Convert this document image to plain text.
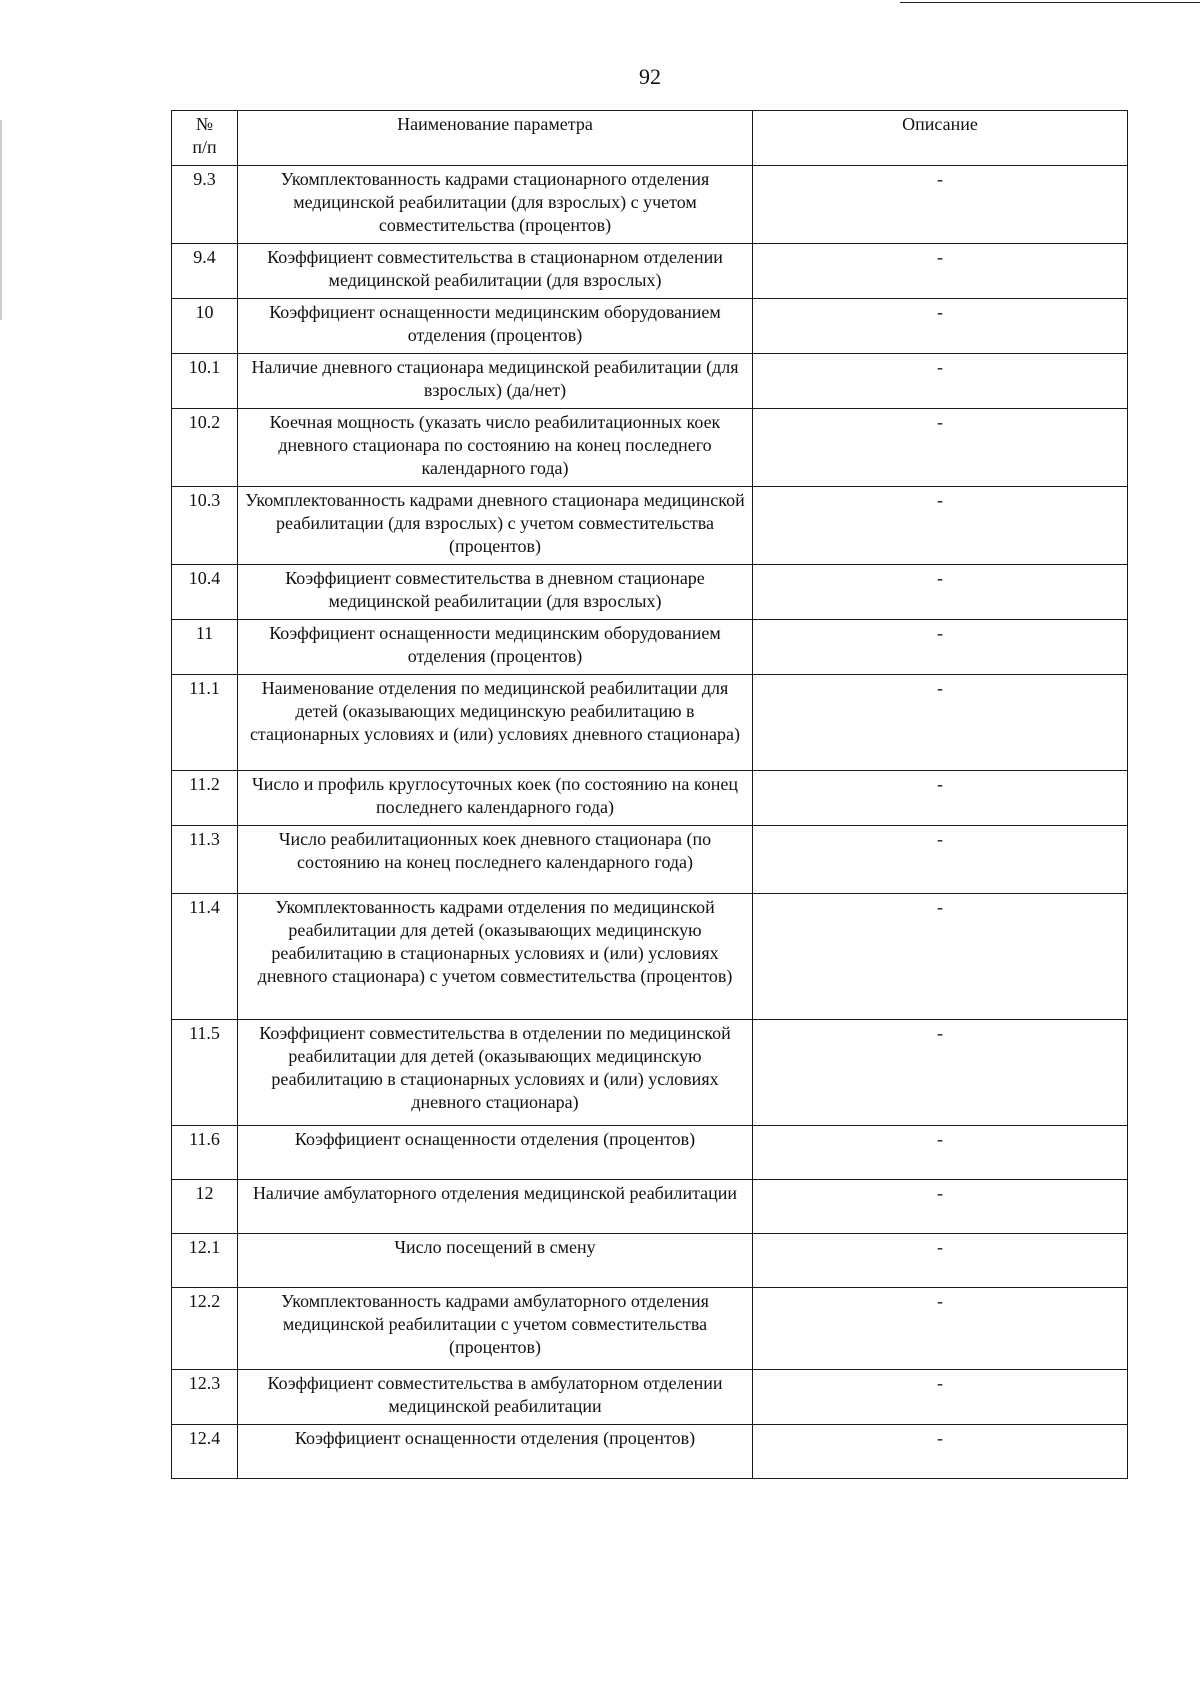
92
№
п/п	Наименование параметра	Описание
9.3	Укомплектованность кадрами стационарного отделения медицинской реабилитации (для взрослых) с учетом совместительства (процентов)	-
9.4	Коэффициент совместительства в стационарном отделении медицинской реабилитации (для взрослых)	-
10	Коэффициент оснащенности медицинским оборудованием отделения (процентов)	-
10.1	Наличие дневного стационара медицинской реабилитации (для взрослых) (да/нет)	-
10.2	Коечная мощность (указать число реабилитационных коек дневного стационара по состоянию на конец последнего календарного года)	-
10.3	Укомплектованность кадрами дневного стационара медицинской реабилитации (для взрослых) с учетом совместительства (процентов)	-
10.4	Коэффициент совместительства в дневном стационаре медицинской реабилитации (для взрослых)	-
11	Коэффициент оснащенности медицинским оборудованием отделения (процентов)	-
11.1	Наименование отделения по медицинской реабилитации для детей (оказывающих медицинскую реабилитацию в стационарных условиях и (или) условиях дневного стационара)	-
11.2	Число и профиль круглосуточных коек (по состоянию на конец последнего календарного года)	-
11.3	Число реабилитационных коек дневного стационара (по состоянию на конец последнего календарного года)	-
11.4	Укомплектованность кадрами отделения по медицинской реабилитации для детей (оказывающих медицинскую реабилитацию в стационарных условиях и (или) условиях дневного стационара) с учетом совместительства (процентов)	-
11.5	Коэффициент совместительства в отделении по медицинской реабилитации для детей (оказывающих медицинскую реабилитацию в стационарных условиях и (или) условиях дневного стационара)	-
11.6	Коэффициент оснащенности отделения (процентов)	-
12	Наличие амбулаторного отделения медицинской реабилитации	-
12.1	Число посещений в смену	-
12.2	Укомплектованность кадрами амбулаторного отделения медицинской реабилитации с учетом совместительства (процентов)	-
12.3	Коэффициент совместительства в амбулаторном отделении медицинской реабилитации	-
12.4	Коэффициент оснащенности отделения (процентов)	-
